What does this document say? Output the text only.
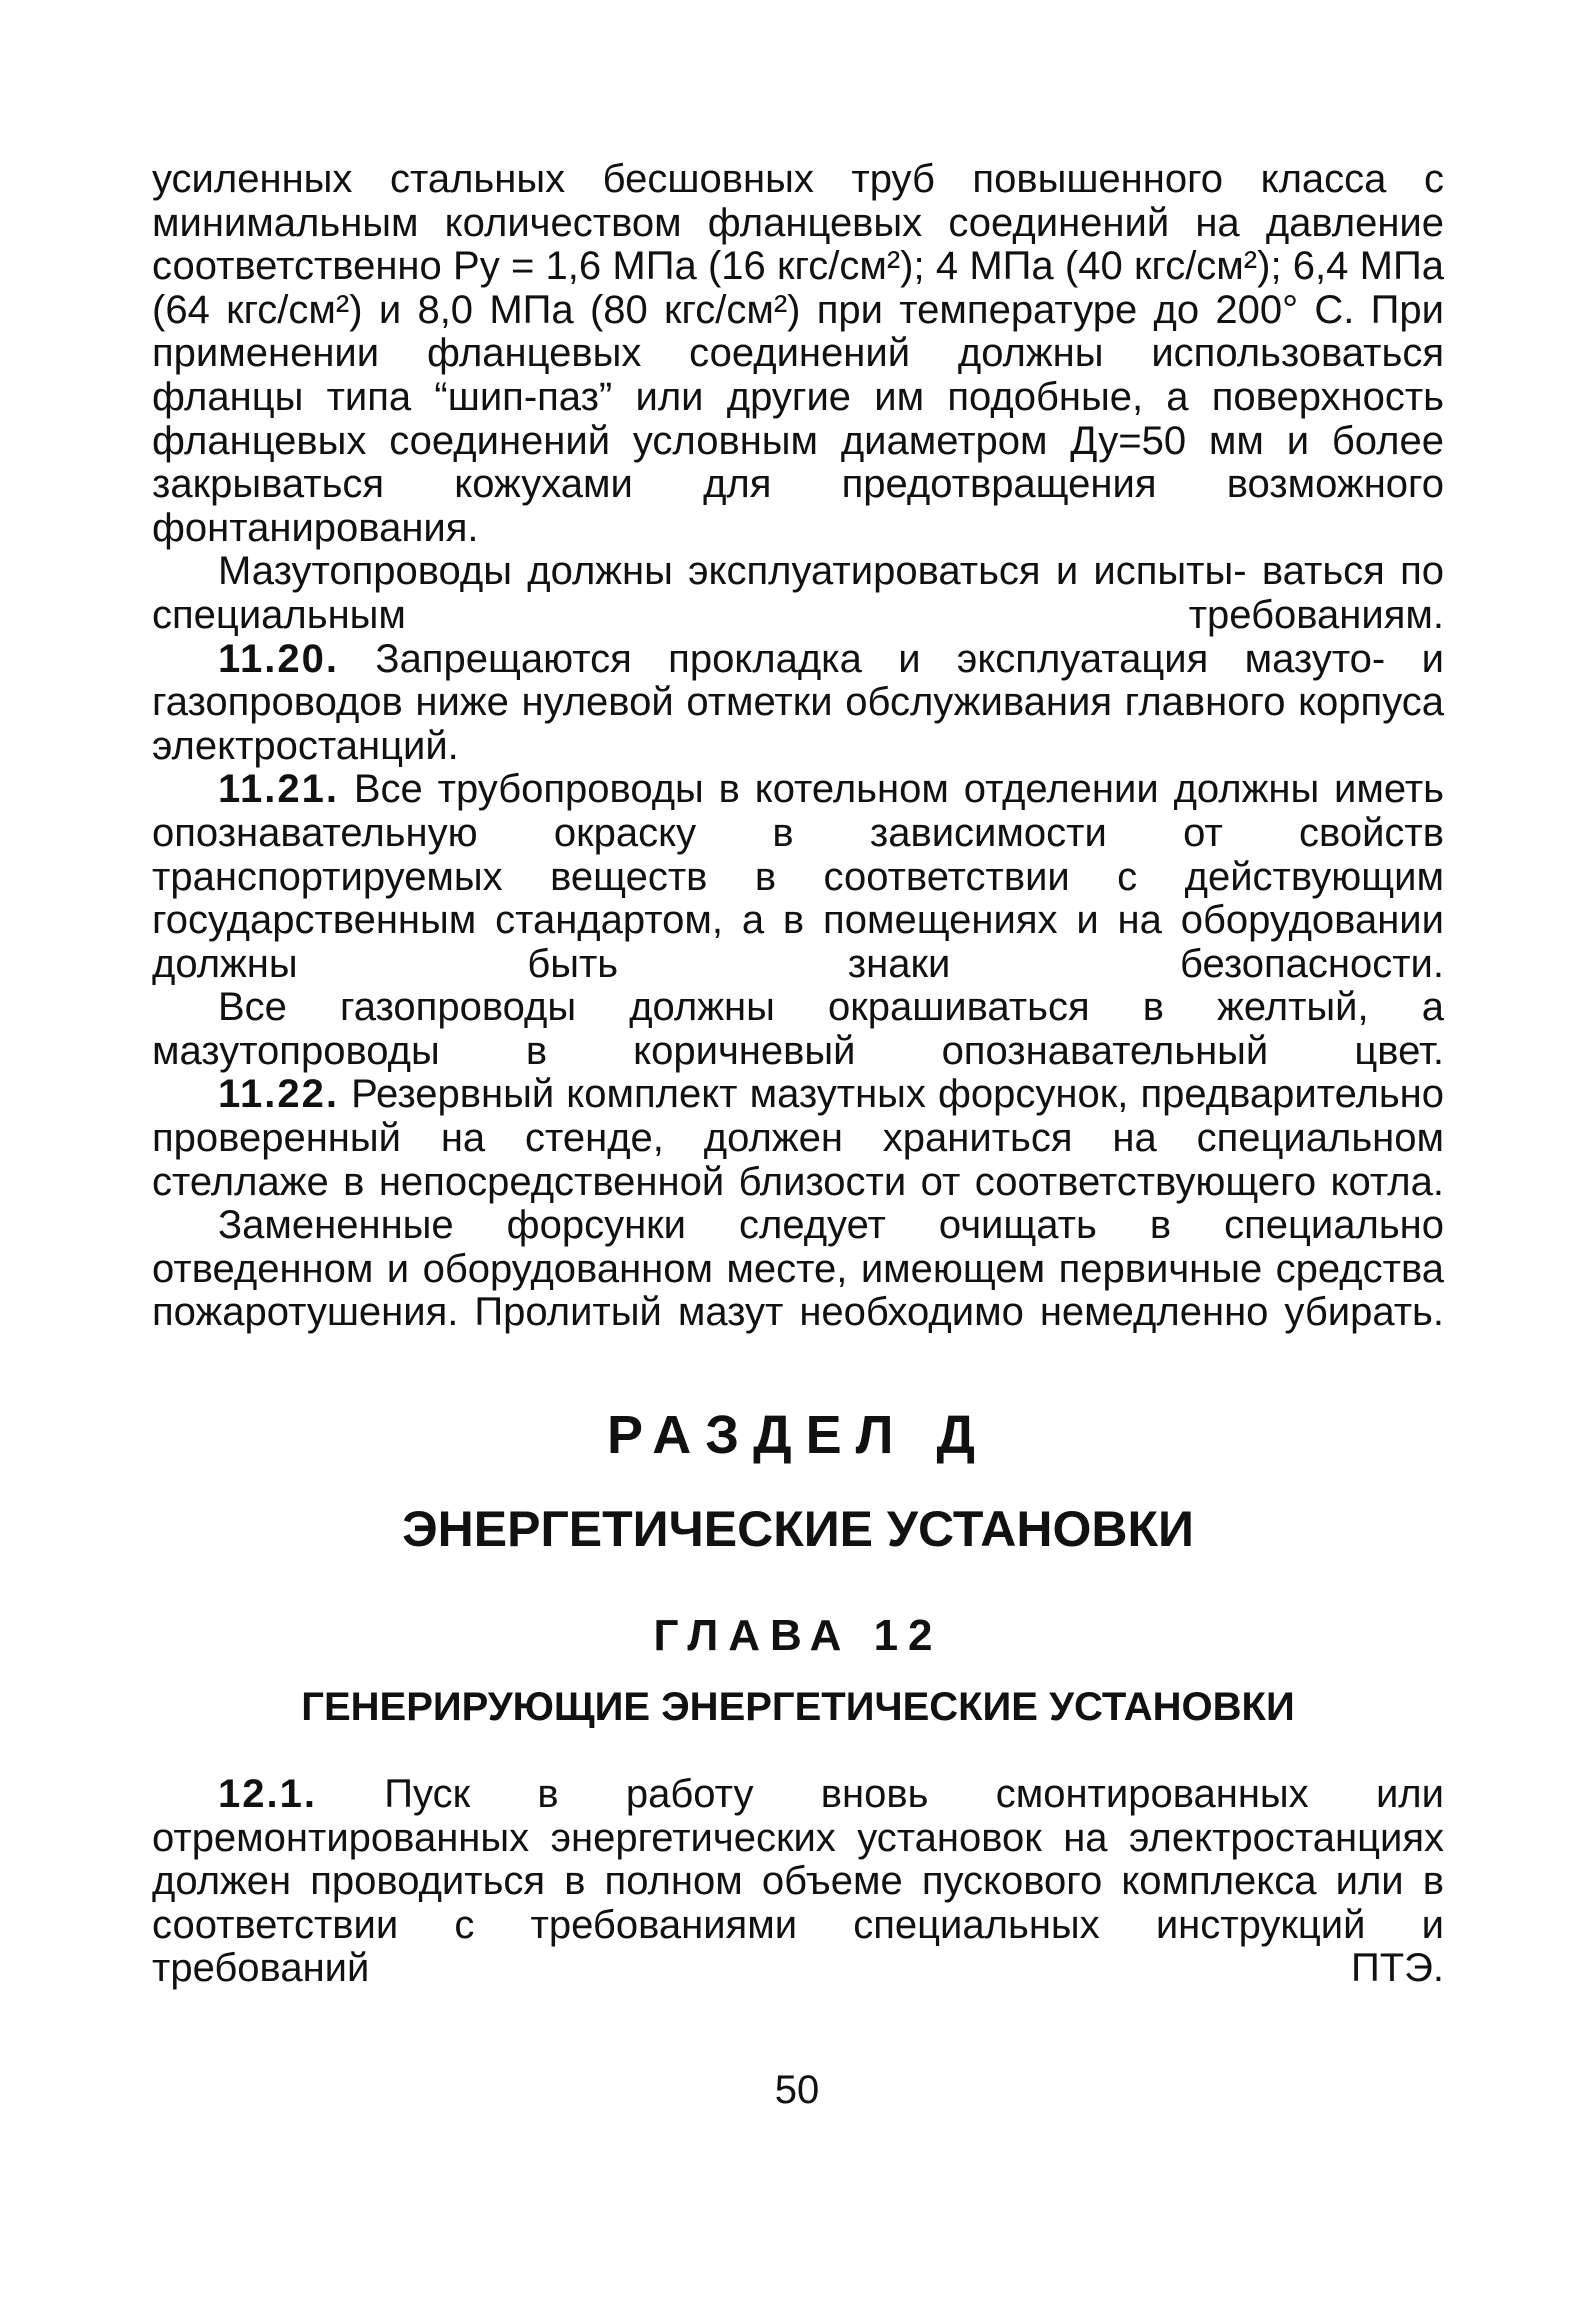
усиленных стальных бесшовных труб повышенного класса с минимальным количеством фланцевых соединений на давление соответственно Ру = 1,6 МПа (16 кгс/см²); 4 МПа (40 кгс/см²); 6,4 МПа (64 кгс/см²) и 8,0 МПа (80 кгс/см²) при температуре до 200° С. При применении фланцевых соединений должны использоваться фланцы типа “шип-паз” или другие им подобные, а поверхность фланцевых соединений условным диаметром Ду=50 мм и более закрываться кожухами для предотвращения возможного фонтанирования.

Мазутопроводы должны эксплуатироваться и испыты- ваться по специальным требованиям.

11.20. Запрещаются прокладка и эксплуатация мазуто- и газопроводов ниже нулевой отметки обслуживания главного корпуса электростанций.

11.21. Все трубопроводы в котельном отделении должны иметь опознавательную окраску в зависимости от свойств транспортируемых веществ в соответствии с действующим государственным стандартом, а в помещениях и на оборудовании должны быть знаки	безопасности.

Все газопроводы должны окрашиваться в желтый, а мазутопроводы в коричневый опознавательный цвет.

11.22. Резервный комплект мазутных форсунок, предварительно проверенный на стенде, должен храниться на специальном стеллаже в непосредственной близости от соответствующего котла.

Замененные форсунки следует очищать в специально отведенном и оборудованном месте, имеющем первичные средства пожаротушения. Пролитый мазут необходимо немедленно убирать.

РАЗДЕЛ Д
ЭНЕРГЕТИЧЕСКИЕ УСТАНОВКИ
ГЛАВА 12
ГЕНЕРИРУЮЩИЕ ЭНЕРГЕТИЧЕСКИЕ УСТАНОВКИ

12.1. Пуск в работу вновь смонтированных или отремонтированных энергетических установок на электростанциях должен проводиться в полном объеме пускового комплекса или в соответствии с требованиями специальных инструкций и требований ПТЭ.

50
